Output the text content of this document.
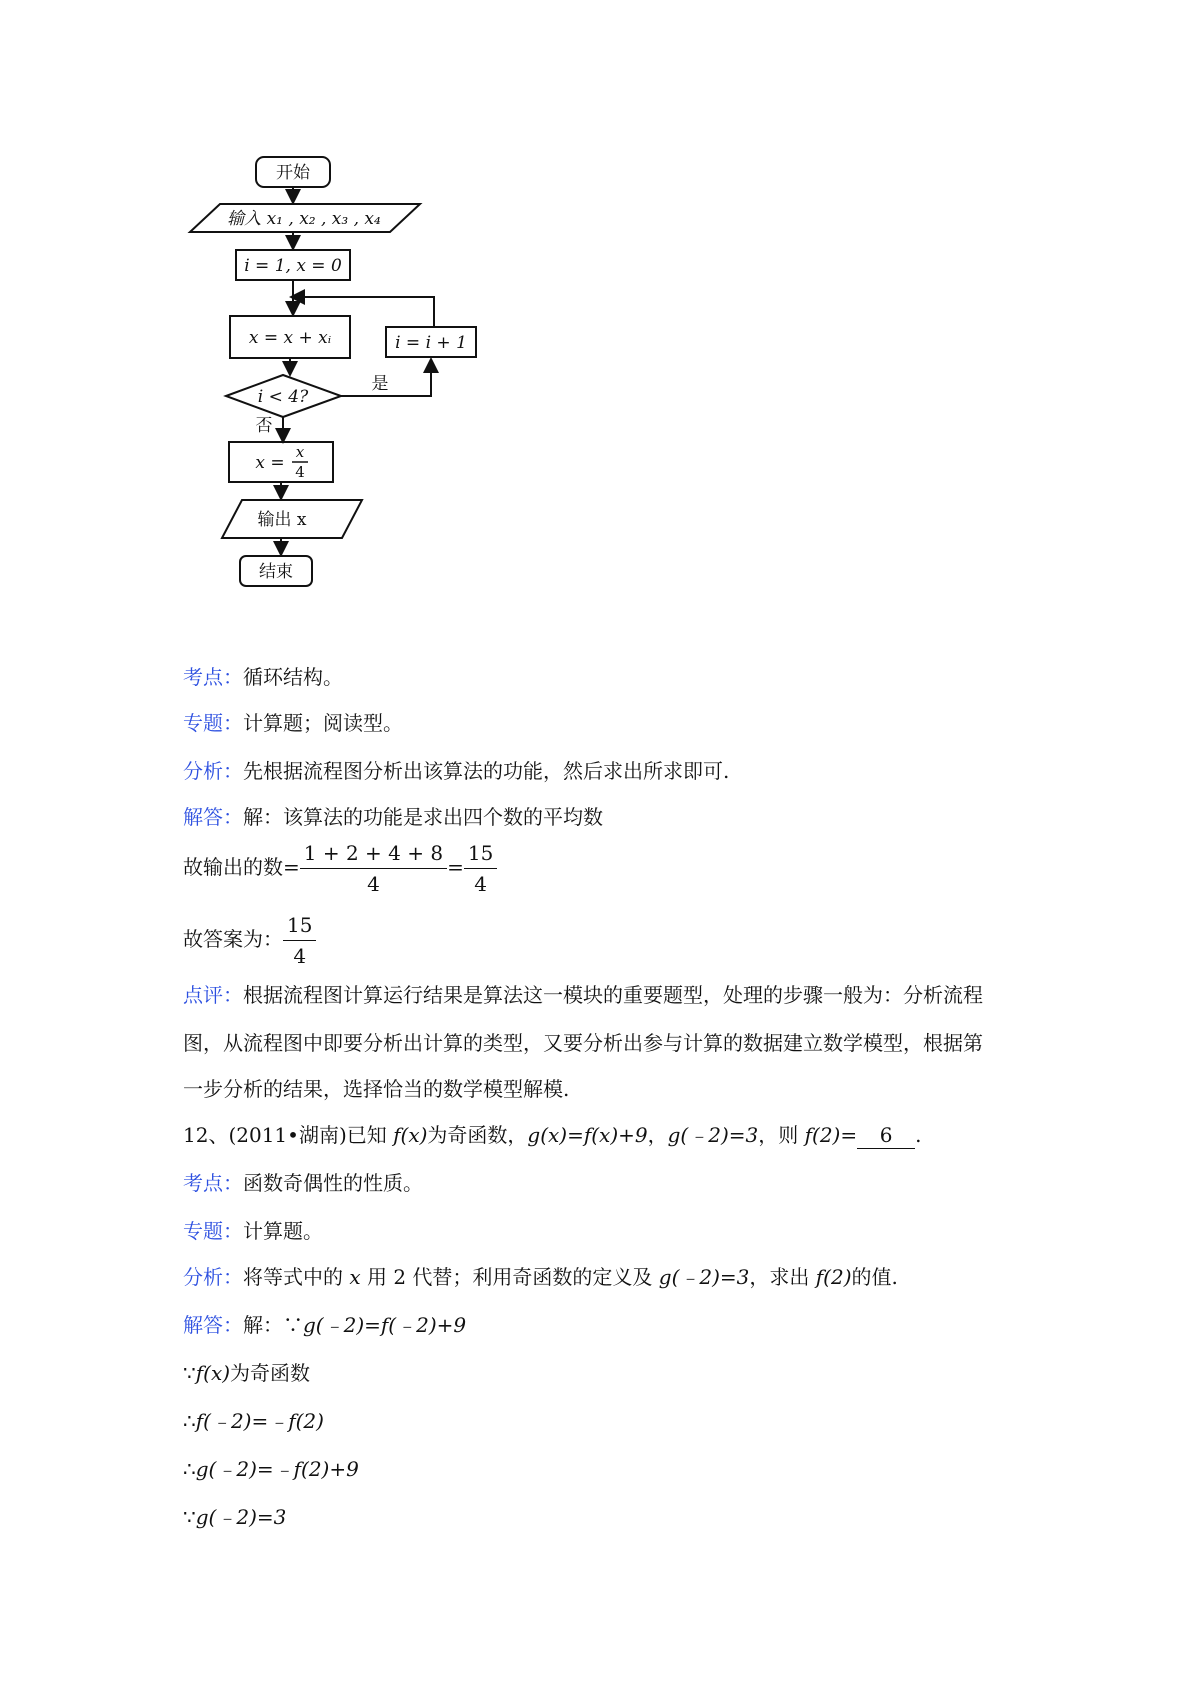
开始
输入 x₁ , x₂ , x₃ , x₄
i = 1, x = 0
x = x + xᵢ	i = i + 1
i < 4?
是
否
x =
x
4
输出 x
结束
考点：循环结构。
专题：计算题；阅读型。
分析：先根据流程图分析出该算法的功能，然后求出所求即可.
解答：解：该算法的功能是求出四个数的平均数
故输出的数= $\frac{1 + 2 + 4 + 8}{4} = \frac{15}{4}$
故答案为： $\frac{15}{4}$
点评：根据流程图计算运行结果是算法这一模块的重要题型，处理的步骤一般为：分析流程
图，从流程图中即要分析出计算的类型，又要分析出参与计算的数据建立数学模型，根据第
一步分析的结果，选择恰当的数学模型解模.
12、(2011•湖南)已知 f(x)为奇函数，g(x)=f(x)+9，g(﹣2)=3，则 f(2)= 6 .
考点：函数奇偶性的性质。
专题：计算题。
分析：将等式中的 x 用 2 代替；利用奇函数的定义及 g(﹣2)=3，求出 f(2)的值.
解答：解：∵g(﹣2)=f(﹣2)+9
∵f(x)为奇函数
∴f(﹣2)=﹣f(2)
∴g(﹣2)=﹣f(2)+9
∵g(﹣2)=3
